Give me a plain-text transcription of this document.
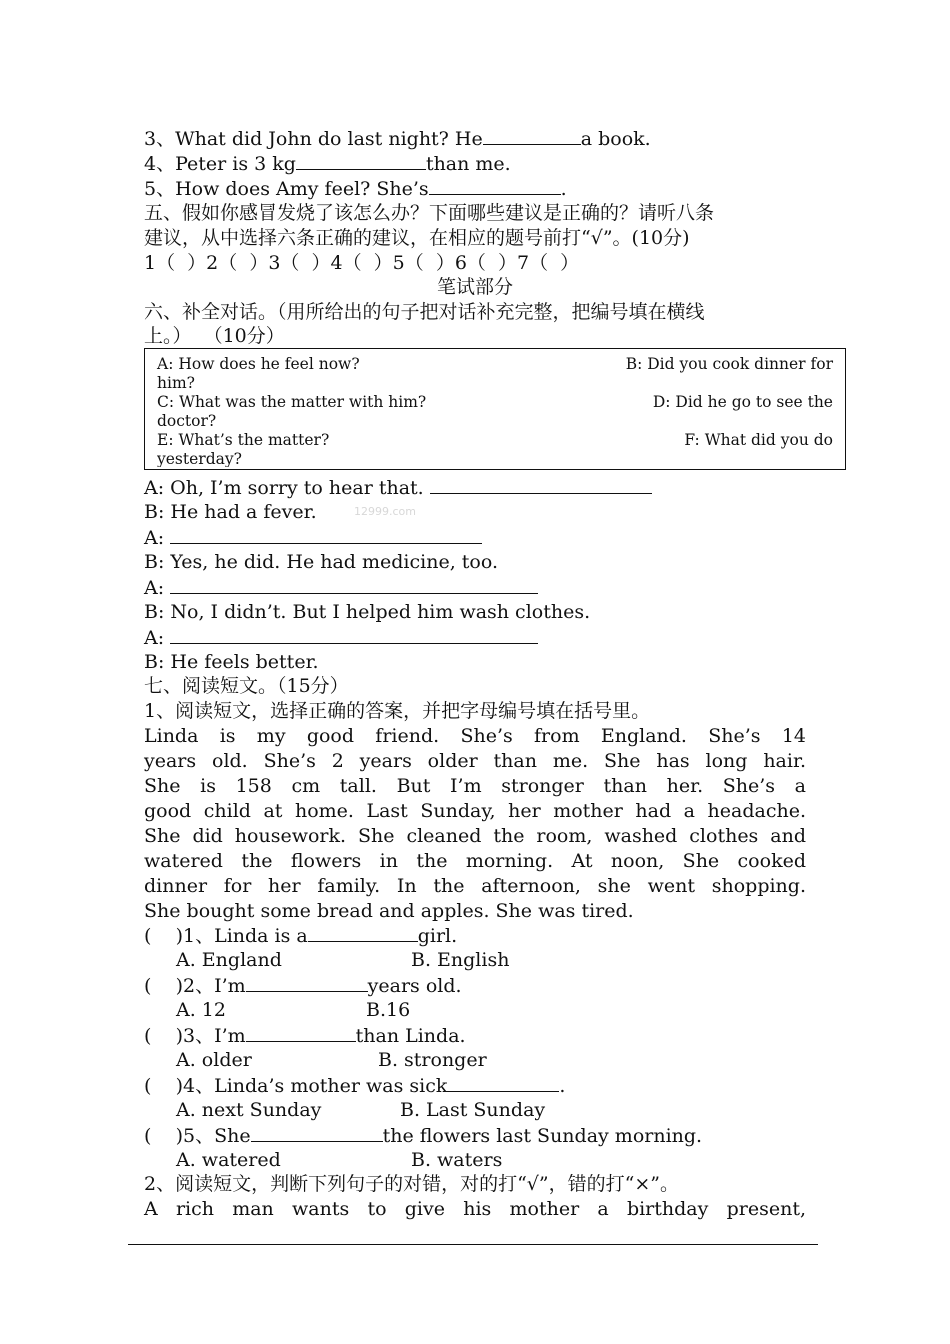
3、What did John do last night? He	a book.
4、Peter is 3 kg	than me.
5、How does Amy feel? She’s	.
五、假如你感冒发烧了该怎么办？下面哪些建议是正确的？请听八条
建议，从中选择六条正确的建议，在相应的题号前打“√”。(10分)
1（  ）2（  ）3（  ）4（  ）5（  ）6（  ）7（  ）
笔试部分
六、补全对话。（用所给出的句子把对话补充完整，把编号填在横线
上。）  （10分）
A: How does he feel now?	B: Did you cook dinner for
him?
C: What was the matter with him?	D: Did he go to see the
doctor?
E: What’s the matter?	F: What did you do
yesterday?
A: Oh, I’m sorry to hear that.
B: He had a fever.	12999.com
A:
B: Yes, he did. He had medicine, too.
A:
B: No, I didn’t. But I helped him wash clothes.
A:
B: He feels better.
七、阅读短文。（15分）
1、阅读短文，选择正确的答案，并把字母编号填在括号里。
Linda is my good friend. She’s from England. She’s 14
years old. She’s 2 years older than me. She has long hair.
She is 158 cm tall. But I’m stronger than her. She’s a
good child at home. Last Sunday, her mother had a headache.
She did housework. She cleaned the room, washed clothes and
watered the flowers in the morning. At noon, She cooked
dinner for her family. In the afternoon, she went shopping.
She bought some bread and apples. She was tired.
(    )1、Linda is a	girl.
A. England	B. English
(    )2、I’m	years old.
A. 12	B.16
(    )3、I’m	than Linda.
A. older	B. stronger
(    )4、Linda’s mother was sick	.
A. next Sunday	B. Last Sunday
(    )5、She	the flowers last Sunday morning.
A. watered	B. waters
2、阅读短文，判断下列句子的对错，对的打“√”，错的打“×”。
A rich man wants to give his mother a birthday present,
